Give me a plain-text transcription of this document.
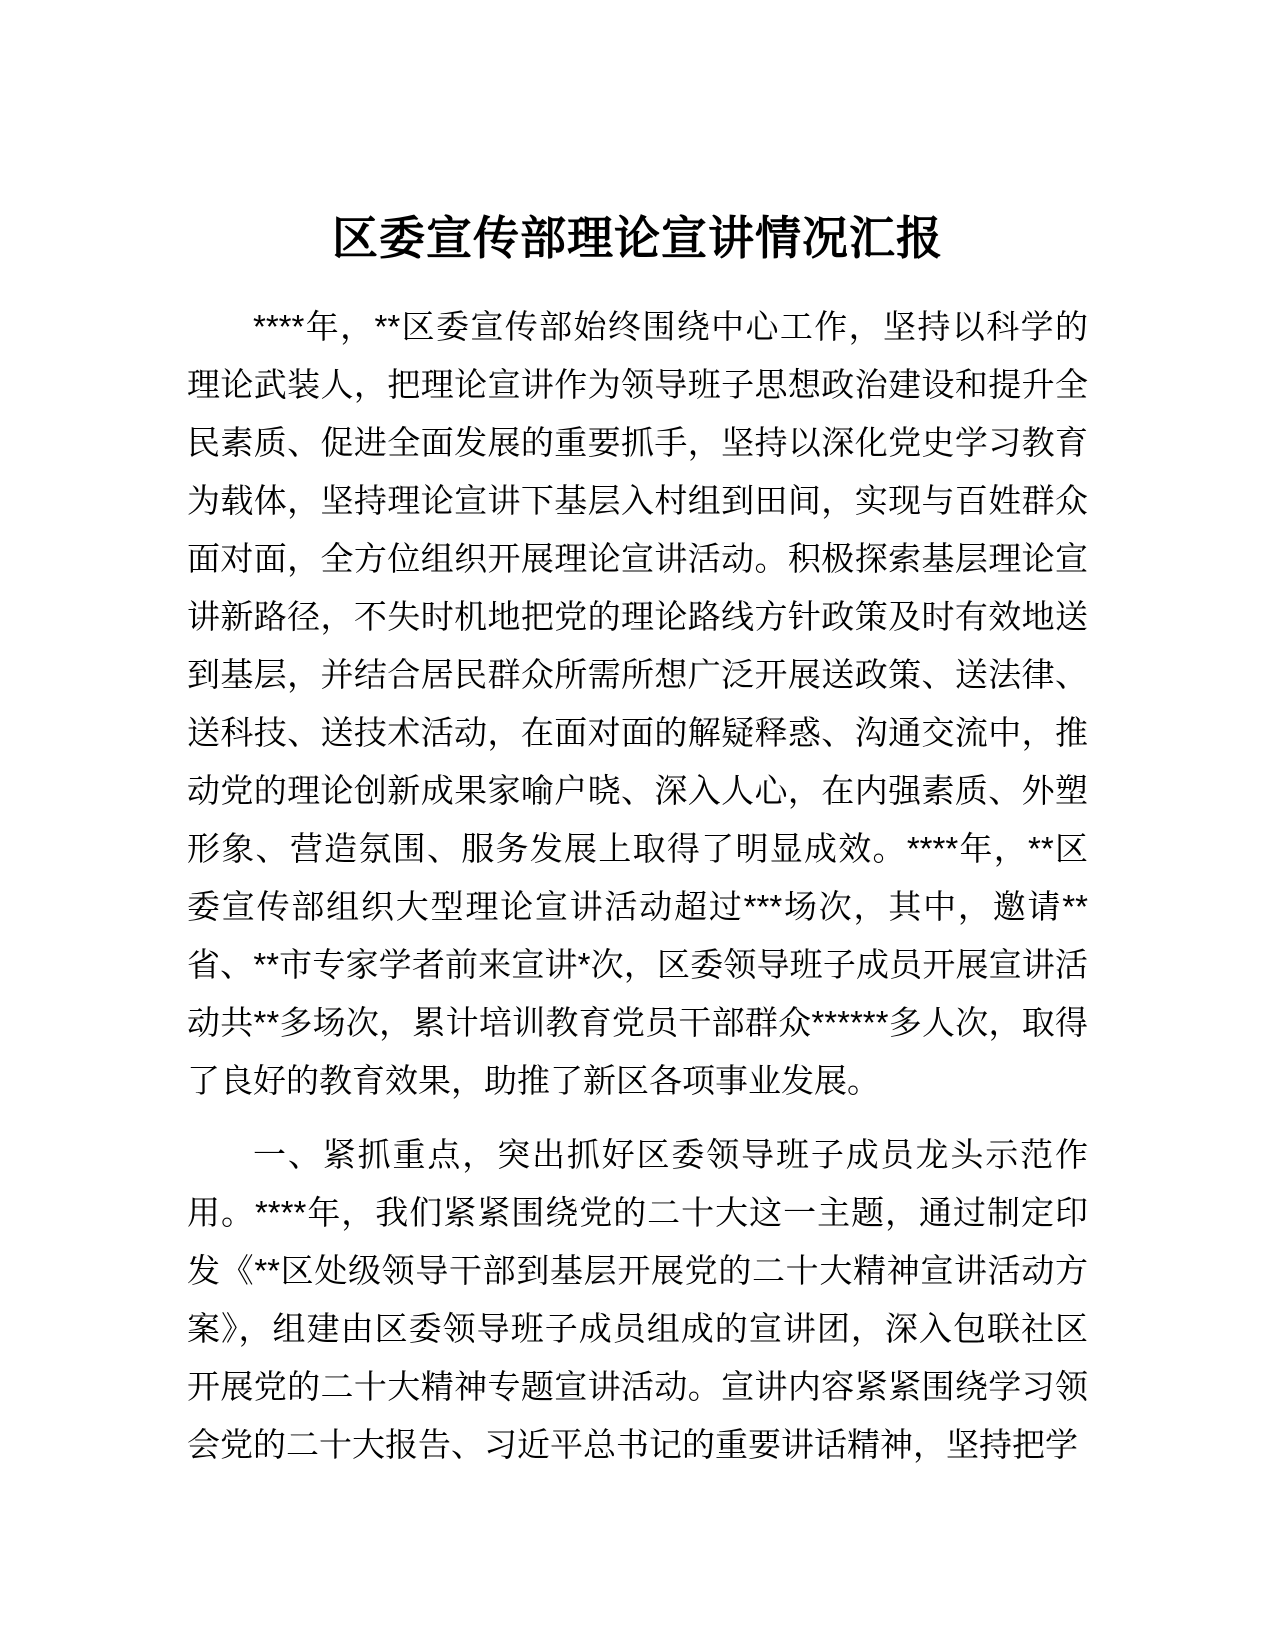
区委宣传部理论宣讲情况汇报

****年，**区委宣传部始终围绕中心工作，坚持以科学的理论武装人，把理论宣讲作为领导班子思想政治建设和提升全民素质、促进全面发展的重要抓手，坚持以深化党史学习教育为载体，坚持理论宣讲下基层入村组到田间，实现与百姓群众面对面，全方位组织开展理论宣讲活动。积极探索基层理论宣讲新路径，不失时机地把党的理论路线方针政策及时有效地送到基层，并结合居民群众所需所想广泛开展送政策、送法律、送科技、送技术活动，在面对面的解疑释惑、沟通交流中，推动党的理论创新成果家喻户晓、深入人心，在内强素质、外塑形象、营造氛围、服务发展上取得了明显成效。****年，**区委宣传部组织大型理论宣讲活动超过***场次，其中，邀请**省、**市专家学者前来宣讲*次，区委领导班子成员开展宣讲活动共**多场次，累计培训教育党员干部群众******多人次，取得了良好的教育效果，助推了新区各项事业发展。

一、紧抓重点，突出抓好区委领导班子成员龙头示范作用。****年，我们紧紧围绕党的二十大这一主题，通过制定印发《**区处级领导干部到基层开展党的二十大精神宣讲活动方案》，组建由区委领导班子成员组成的宣讲团，深入包联社区开展党的二十大精神专题宣讲活动。宣讲内容紧紧围绕学习领会党的二十大报告、习近平总书记的重要讲话精神，坚持把学
